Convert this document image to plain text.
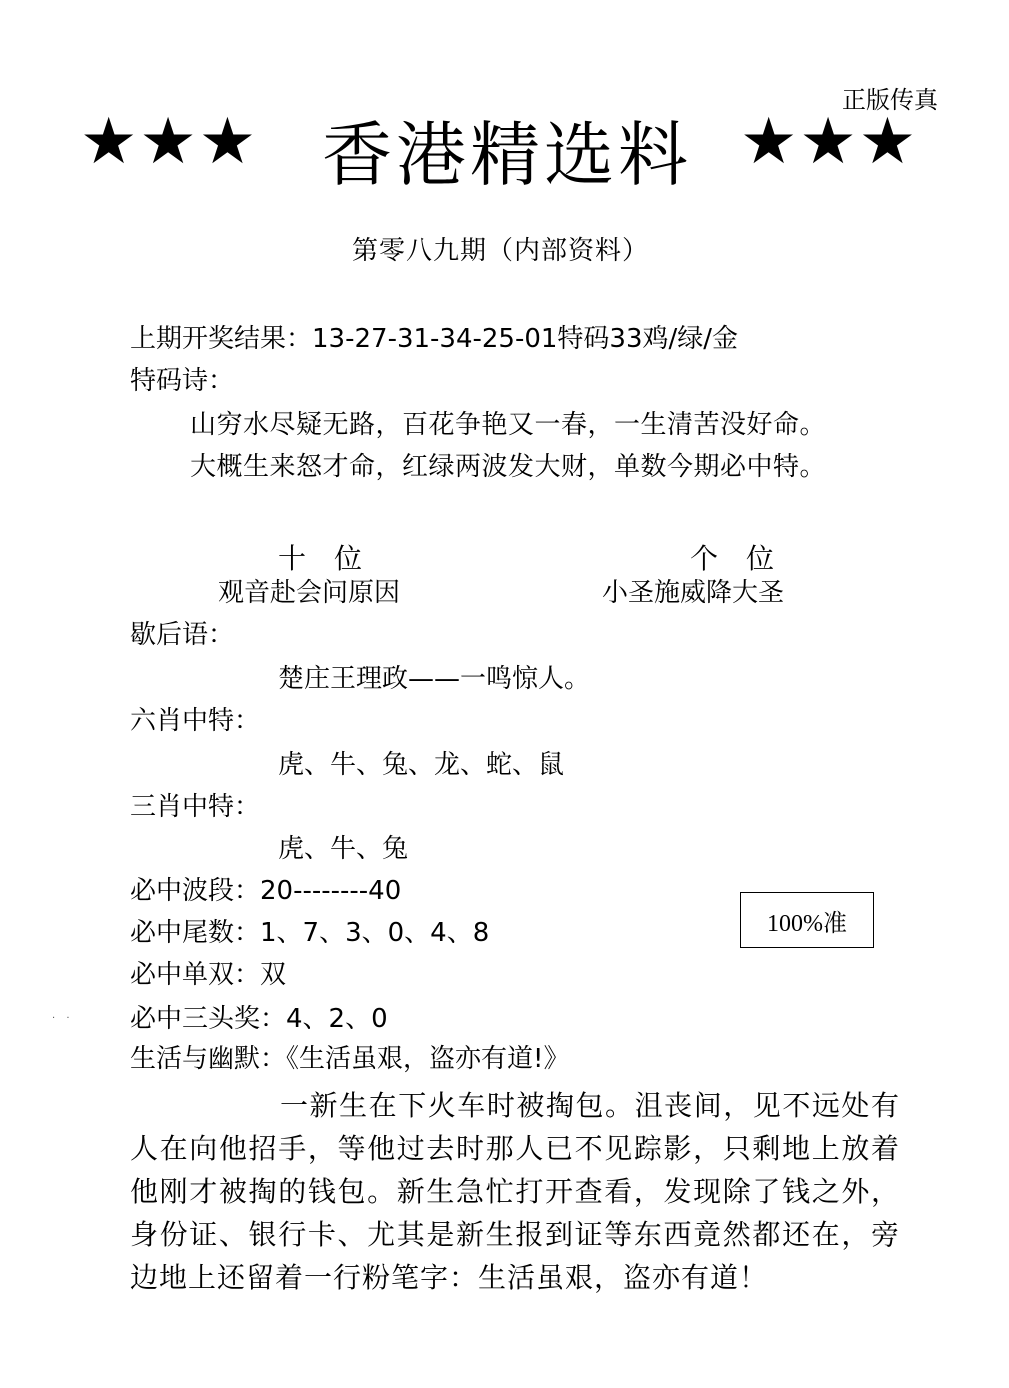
正版传真
★★★ 香港精选料 ★★★
第零八九期（内部资料）
上期开奖结果：13-27-31-34-25-01特码33鸡/绿/金
特码诗：
山穷水尽疑无路，百花争艳又一春，一生清苦没好命。
大概生来怒才命，红绿两波发大财，单数今期必中特。
十　位	个　位
观音赴会问原因	小圣施威降大圣
歇后语：
楚庄王理政——一鸣惊人。
六肖中特：
虎、牛、兔、龙、蛇、鼠
三肖中特：
虎、牛、兔
必中波段：20--------40
必中尾数：1、7、3、0、4、8	100%准
必中单双：双
· · 必中三头奖：4、2、0
生活与幽默：《生活虽艰，盗亦有道!》
一新生在下火车时被掏包。沮丧间，见不远处有人在向他招手，等他过去时那人已不见踪影，只剩地上放着他刚才被掏的钱包。新生急忙打开查看，发现除了钱之外，身份证、银行卡、尤其是新生报到证等东西竟然都还在，旁边地上还留着一行粉笔字：生活虽艰，盗亦有道！
